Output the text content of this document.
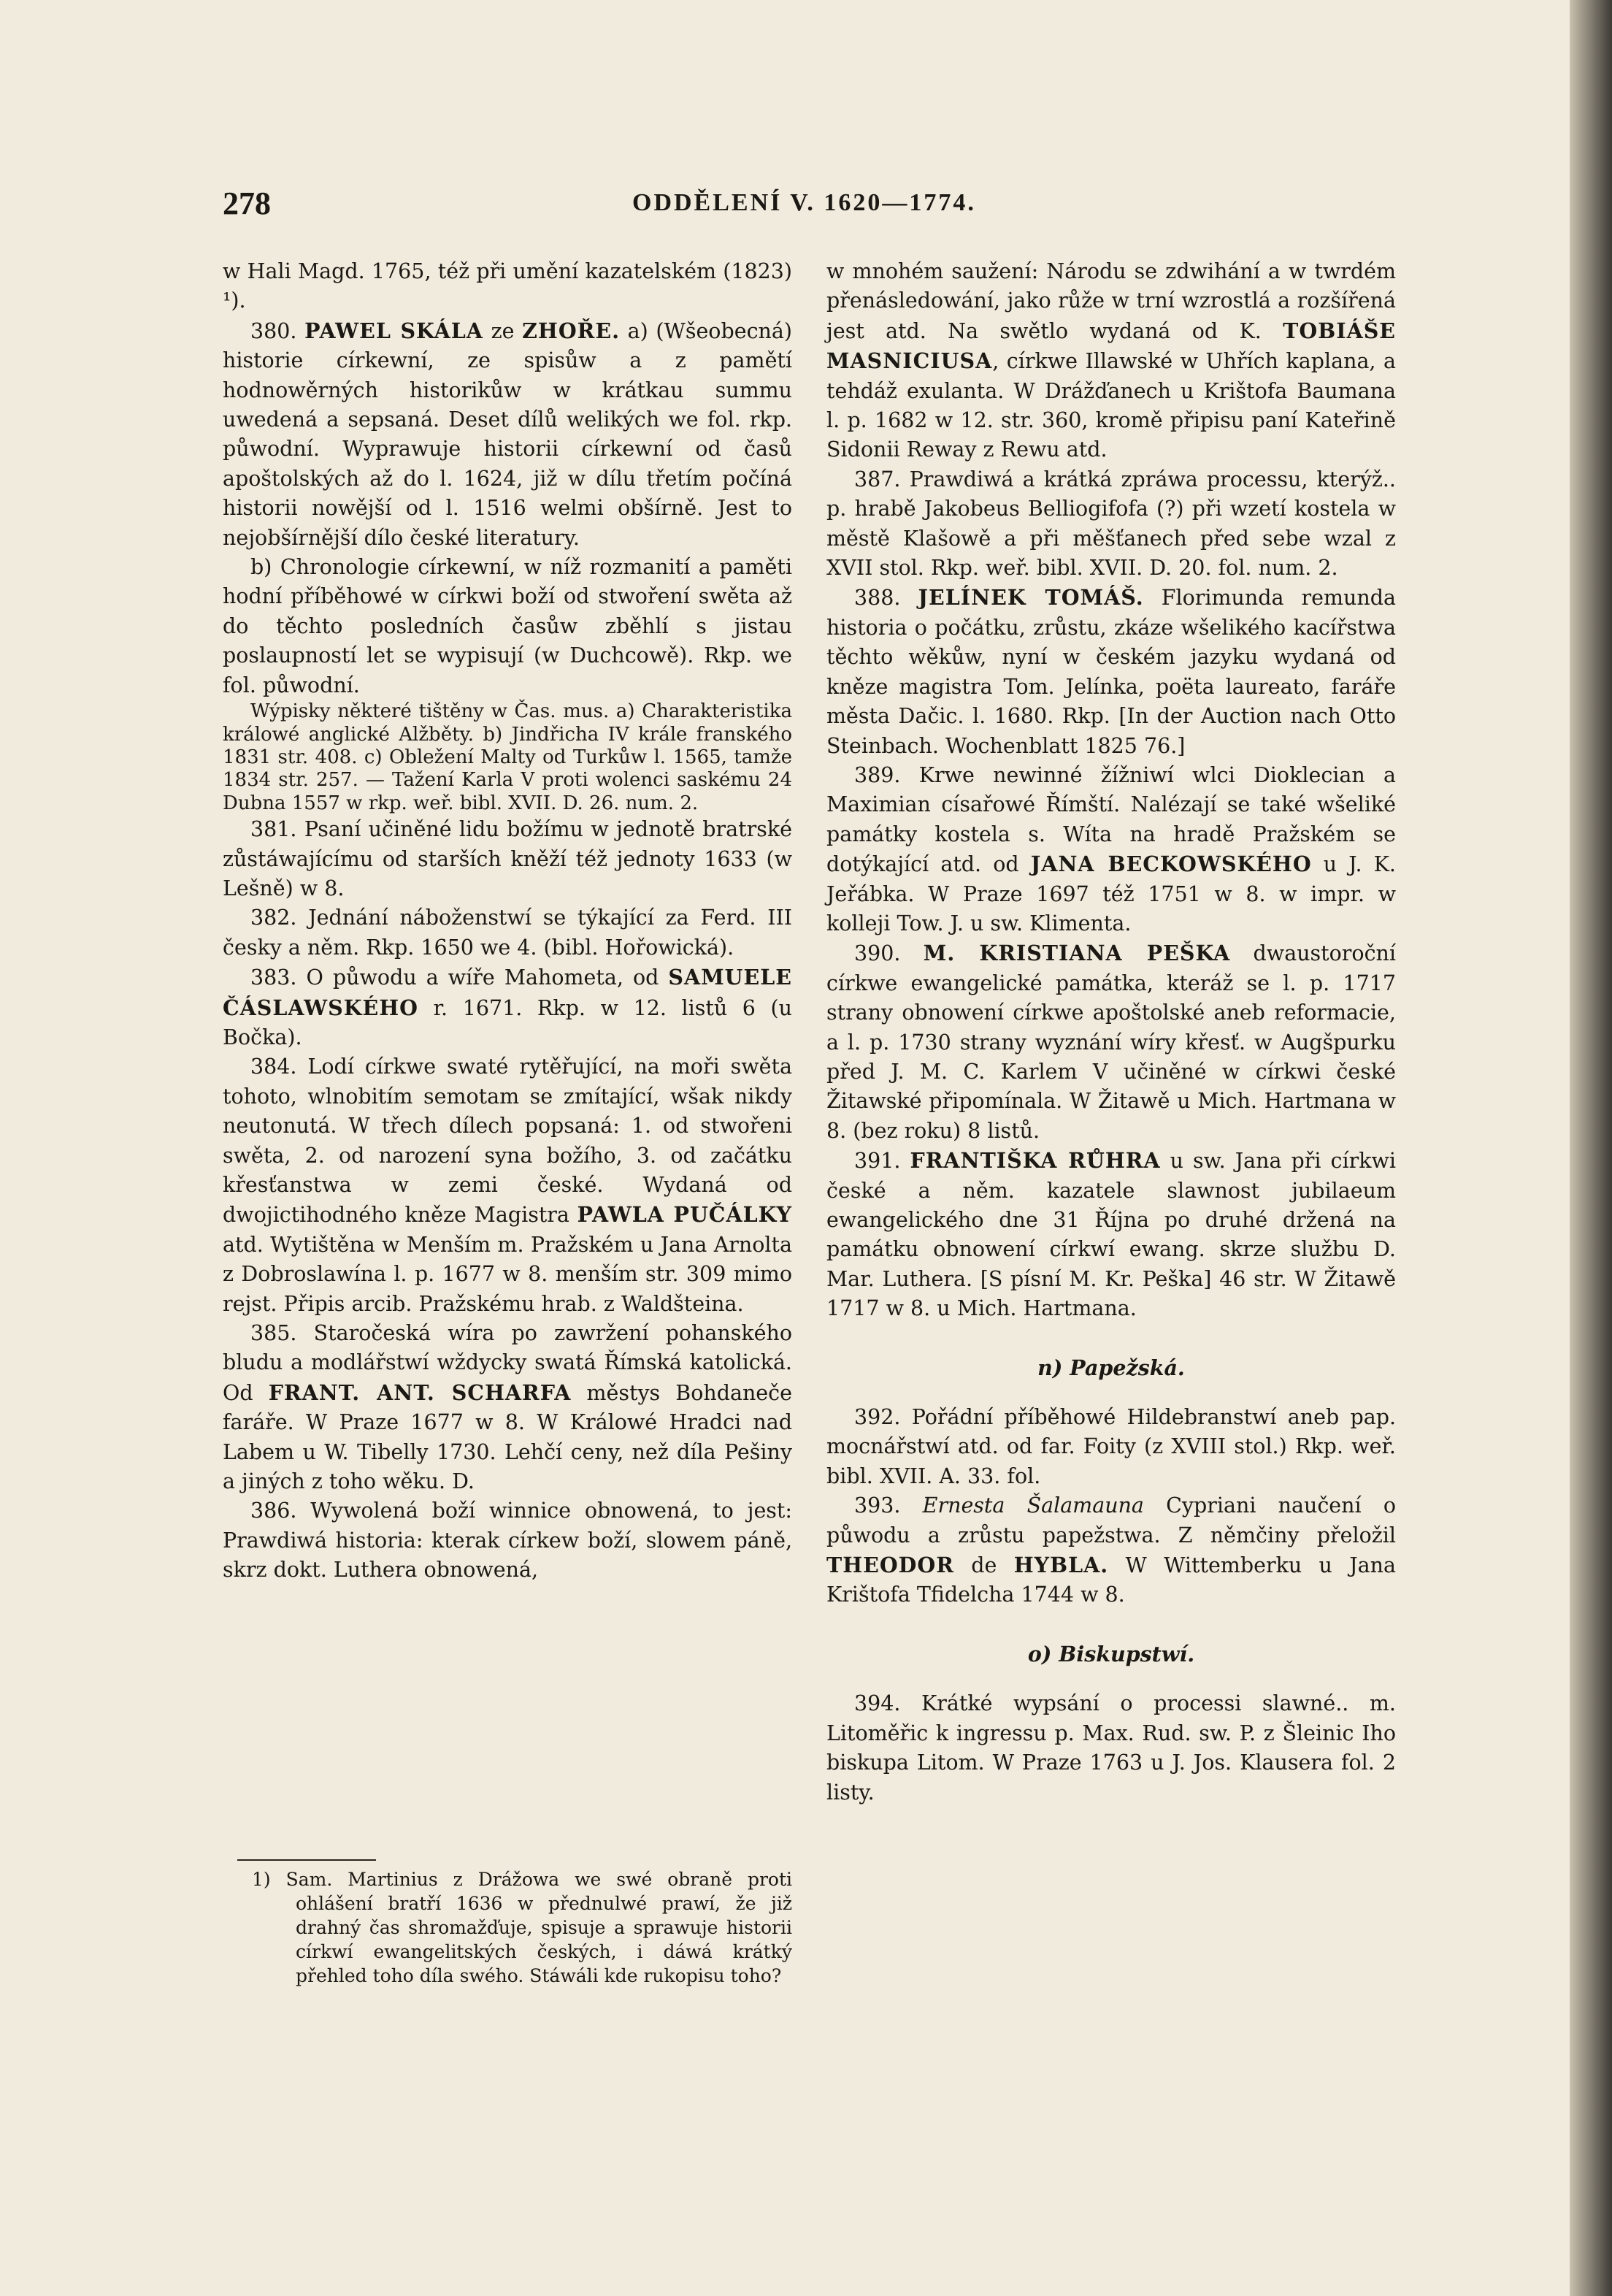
278	ODDĚLENÍ V. 1620—1774.

w Hali Magd. 1765, též při umění kazatelském (1823) ¹).

380. PAWEL SKÁLA ze ZHOŘE. a) (Wšeobecná) historie církewní, ze spisůw a z pamětí hodnowěrných historikůw w krátkau summu uwedená a sepsaná. Deset dílů welikých we fol. rkp. půwodní. Wyprawuje historii církewní od časů apoštolských až do l. 1624, již w dílu třetím počíná historii nowější od l. 1516 welmi obšírně. Jest to nejobšírnější dílo české literatury.

b) Chronologie církewní, w níž rozmanití a paměti hodní příběhowé w církwi boží od stwoření swěta až do těchto posledních časůw zběhlí s jistau poslaupností let se wypisují (w Duchcowě). Rkp. we fol. půwodní.

Wýpisky některé tištěny w Čas. mus. a) Charakteristika králowé anglické Alžběty. b) Jindřicha IV krále franského 1831 str. 408. c) Obležení Malty od Turkůw l. 1565, tamže 1834 str. 257. — Tažení Karla V proti wolenci saskému 24 Dubna 1557 w rkp. weř. bibl. XVII. D. 26. num. 2.

381. Psaní učiněné lidu božímu w jednotě bratrské zůstáwajícímu od starších kněží též jednoty 1633 (w Lešně) w 8.

382. Jednání náboženstwí se týkající za Ferd. III česky a něm. Rkp. 1650 we 4. (bibl. Hořowická).

383. O půwodu a wíře Mahometa, od SAMUELE ČÁSLAWSKÉHO r. 1671. Rkp. w 12. listů 6 (u Bočka).

384. Lodí církwe swaté rytěřující, na moři swěta tohoto, wlnobitím semotam se zmítající, wšak nikdy neutonutá. W třech dílech popsaná: 1. od stwořeni swěta, 2. od narození syna božího, 3. od začátku křesťanstwa w zemi české. Wydaná od dwojictihodného kněze Magistra PAWLA PUČÁLKY atd. Wytištěna w Menším m. Pražském u Jana Arnolta z Dobroslawína l. p. 1677 w 8. menším str. 309 mimo rejst. Připis arcib. Pražskému hrab. z Waldšteina.

385. Staročeská wíra po zawržení pohanského bludu a modlářstwí wždycky swatá Římská katolická. Od FRANT. ANT. SCHARFA městys Bohdaneče faráře. W Praze 1677 w 8. W Králowé Hradci nad Labem u W. Tibelly 1730. Lehčí ceny, než díla Pešiny a jiných z toho wěku. D.

386. Wywolená boží winnice obnowená, to jest: Prawdiwá historia: kterak církew boží, slowem páně, skrz dokt. Luthera obnowená,

1) Sam. Martinius z Drážowa we swé obraně proti ohlášení bratří 1636 w přednulwé prawí, že již drahný čas shromažďuje, spisuje a sprawuje historii církwí ewangelitských českých, i dáwá krátký přehled toho díla swého. Stáwáli kde rukopisu toho?

w mnohém saužení: Národu se zdwihání a w twrdém přenásledowání, jako růže w trní wzrostlá a rozšířená jest atd. Na swětlo wydaná od K. TOBIÁŠE MASNICIUSA, církwe Illawské w Uhřích kaplana, a tehdáž exulanta. W Drážďanech u Krištofa Baumana l. p. 1682 w 12. str. 360, kromě připisu paní Kateřině Sidonii Reway z Rewu atd.

387. Prawdiwá a krátká zpráwa processu, kterýž.. p. hrabě Jakobeus Belliogifofa (?) při wzetí kostela w městě Klašowě a při měšťanech před sebe wzal z XVII stol. Rkp. weř. bibl. XVII. D. 20. fol. num. 2.

388. JELÍNEK TOMÁŠ. Florimunda remunda historia o počátku, zrůstu, zkáze wšelikého kacířstwa těchto wěkůw, nyní w českém jazyku wydaná od kněze magistra Tom. Jelínka, poëta laureato, faráře města Dačic. l. 1680. Rkp. [In der Auction nach Otto Steinbach. Wochenblatt 1825 76.]

389. Krwe newinné žížniwí wlci Dioklecian a Maximian císařowé Římští. Nalézají se také wšeliké památky kostela s. Wíta na hradě Pražském se dotýkající atd. od JANA BECKOWSKÉHO u J. K. Jeřábka. W Praze 1697 též 1751 w 8. w impr. w kolleji Tow. J. u sw. Klimenta.

390. M. KRISTIANA PEŠKA dwaustoroční církwe ewangelické památka, kteráž se l. p. 1717 strany obnowení církwe apoštolské aneb reformacie, a l. p. 1730 strany wyznání wíry křesť. w Augšpurku před J. M. C. Karlem V učiněné w církwi české Žitawské připomínala. W Žitawě u Mich. Hartmana w 8. (bez roku) 8 listů.

391. FRANTIŠKA RŮHRA u sw. Jana při církwi české a něm. kazatele slawnost jubilaeum ewangelického dne 31 Října po druhé držená na památku obnowení církwí ewang. skrze službu D. Mar. Luthera. [S písní M. Kr. Peška] 46 str. W Žitawě 1717 w 8. u Mich. Hartmana.

n) Papežská.

392. Pořádní příběhowé Hildebranstwí aneb pap. mocnářstwí atd. od far. Foity (z XVIII stol.) Rkp. weř. bibl. XVII. A. 33. fol.

393. Ernesta Šalamauna Cypriani naučení o půwodu a zrůstu papežstwa. Z němčiny přeložil THEODOR de HYBLA. W Wittemberku u Jana Krištofa Tfidelcha 1744 w 8.

o) Biskupstwí.

394. Krátké wypsání o processi slawné.. m. Litoměřic k ingressu p. Max. Rud. sw. P. z Šleinic Iho biskupa Litom. W Praze 1763 u J. Jos. Klausera fol. 2 listy.
